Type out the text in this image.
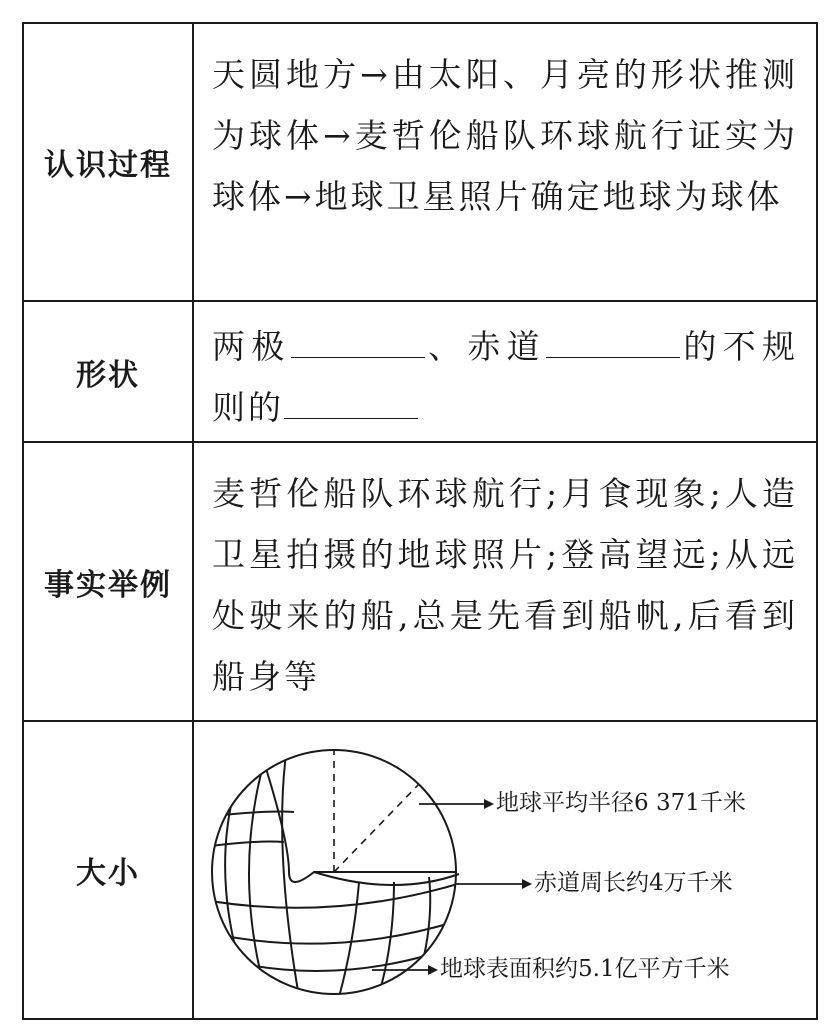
认识过程
天圆地方→由太阳、月亮的形状推测为球体→麦哲伦船队环球航行证实为球体→地球卫星照片确定地球为球体
形状
两极	、赤道	的不规则的
事实举例
麦哲伦船队环球航行;月食现象;人造卫星拍摄的地球照片;登高望远;从远处驶来的船,总是先看到船帆,后看到船身等
大小
地球平均半径6 371千米
赤道周长约4万千米
地球表面积约5.1亿平方千米
